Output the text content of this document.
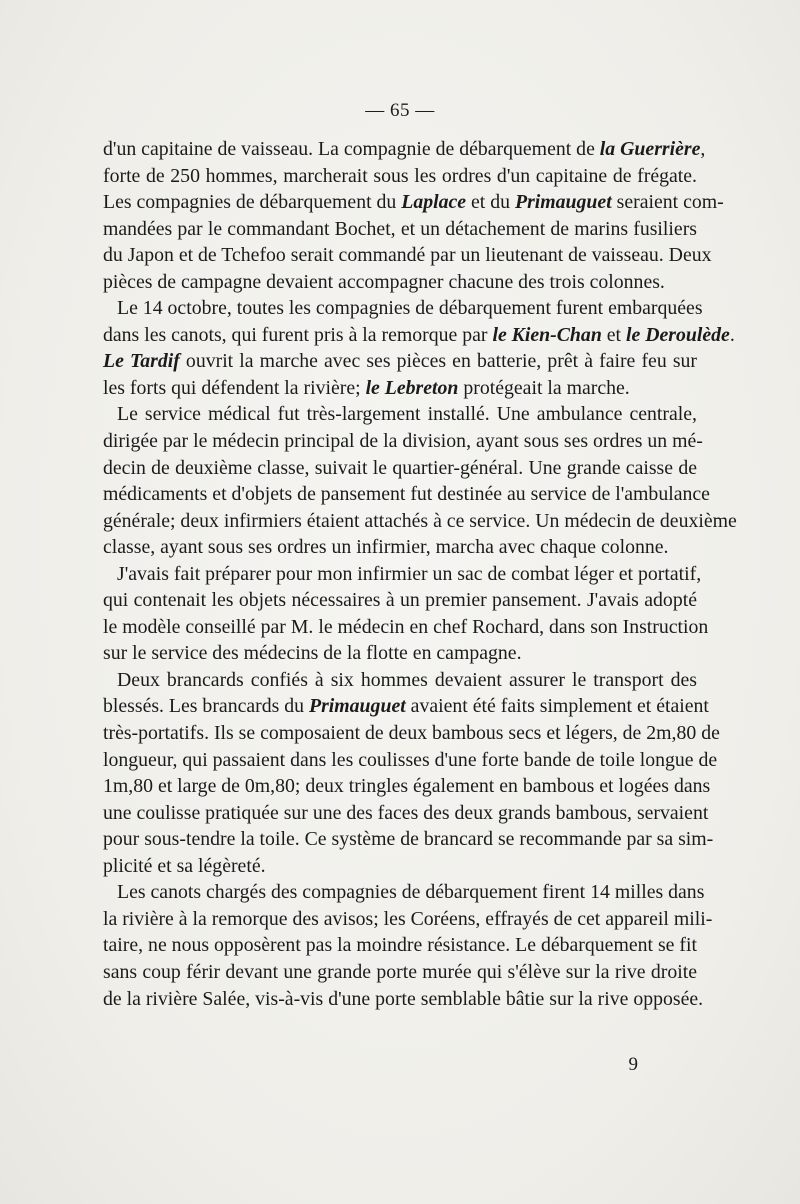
— 65 —
d'un capitaine de vaisseau. La compagnie de débarquement de la Guerrière,
forte de 250 hommes, marcherait sous les ordres d'un capitaine de frégate.
Les compagnies de débarquement du Laplace et du Primauguet seraient com-
mandées par le commandant Bochet, et un détachement de marins fusiliers
du Japon et de Tchefoo serait commandé par un lieutenant de vaisseau. Deux
pièces de campagne devaient accompagner chacune des trois colonnes.
Le 14 octobre, toutes les compagnies de débarquement furent embarquées
dans les canots, qui furent pris à la remorque par le Kien-Chan et le Deroulède.
Le Tardif ouvrit la marche avec ses pièces en batterie, prêt à faire feu sur
les forts qui défendent la rivière; le Lebreton protégeait la marche.
Le service médical fut très-largement installé. Une ambulance centrale,
dirigée par le médecin principal de la division, ayant sous ses ordres un mé-
decin de deuxième classe, suivait le quartier-général. Une grande caisse de
médicaments et d'objets de pansement fut destinée au service de l'ambulance
générale; deux infirmiers étaient attachés à ce service. Un médecin de deuxième
classe, ayant sous ses ordres un infirmier, marcha avec chaque colonne.
J'avais fait préparer pour mon infirmier un sac de combat léger et portatif,
qui contenait les objets nécessaires à un premier pansement. J'avais adopté
le modèle conseillé par M. le médecin en chef Rochard, dans son Instruction
sur le service des médecins de la flotte en campagne.
Deux brancards confiés à six hommes devaient assurer le transport des
blessés. Les brancards du Primauguet avaient été faits simplement et étaient
très-portatifs. Ils se composaient de deux bambous secs et légers, de 2m,80 de
longueur, qui passaient dans les coulisses d'une forte bande de toile longue de
1m,80 et large de 0m,80; deux tringles également en bambous et logées dans
une coulisse pratiquée sur une des faces des deux grands bambous, servaient
pour sous-tendre la toile. Ce système de brancard se recommande par sa sim-
plicité et sa légèreté.
Les canots chargés des compagnies de débarquement firent 14 milles dans
la rivière à la remorque des avisos; les Coréens, effrayés de cet appareil mili-
taire, ne nous opposèrent pas la moindre résistance. Le débarquement se fit
sans coup férir devant une grande porte murée qui s'élève sur la rive droite
de la rivière Salée, vis-à-vis d'une porte semblable bâtie sur la rive opposée.
9
